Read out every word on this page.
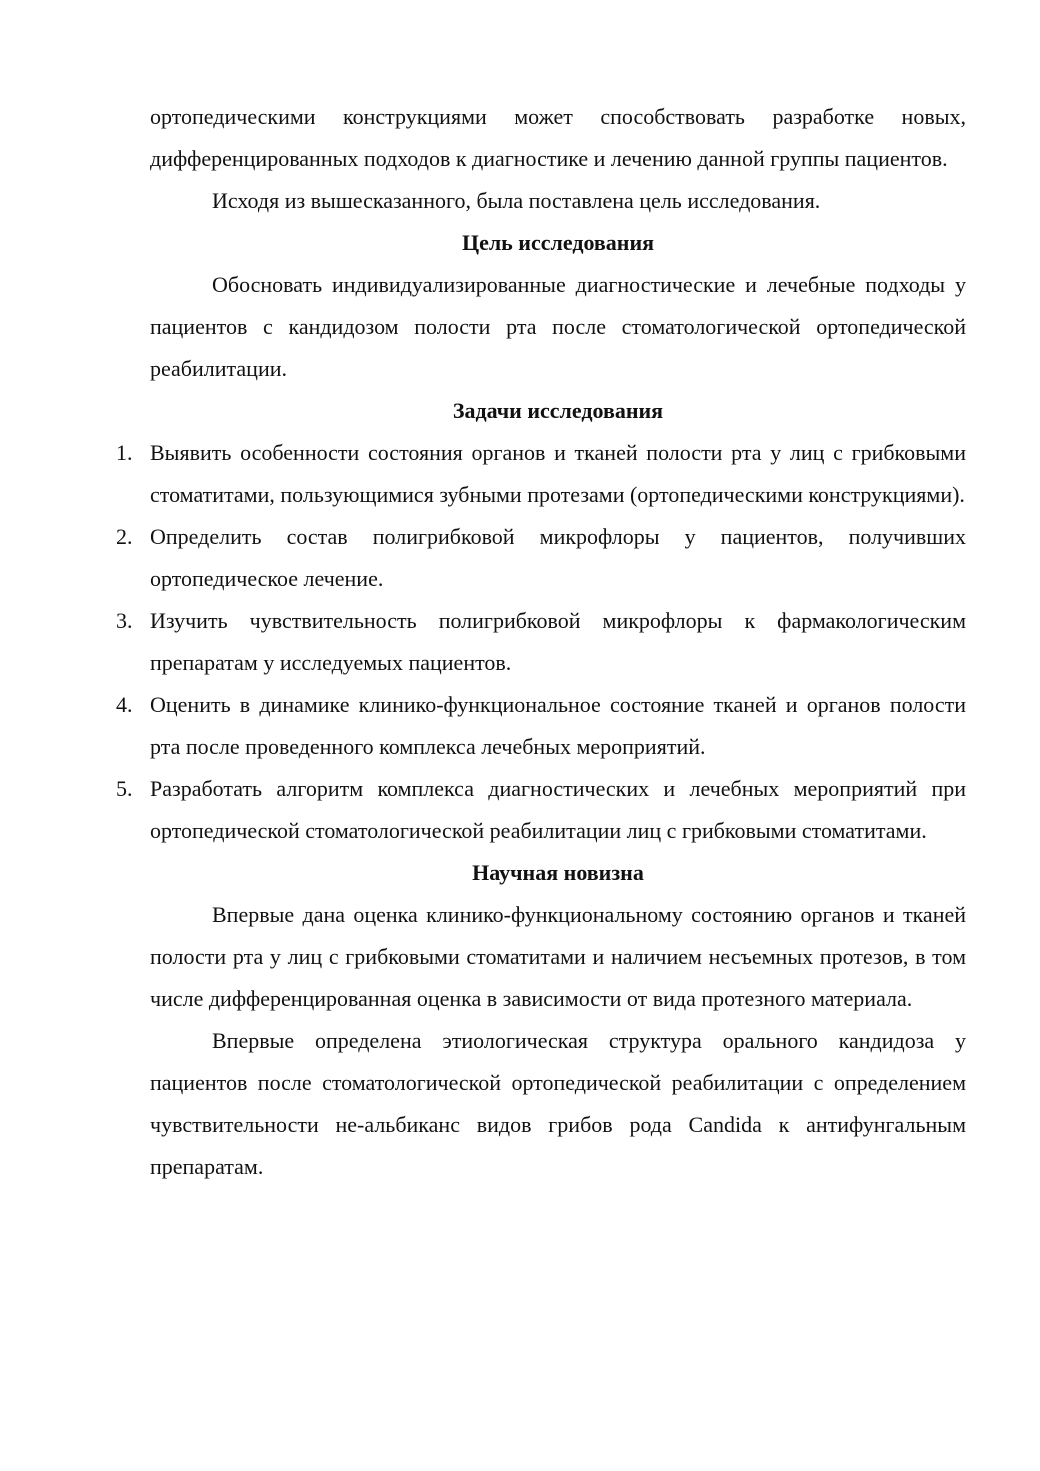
ортопедическими конструкциями может способствовать разработке новых, дифференцированных подходов к диагностике и лечению данной группы пациентов.

Исходя из вышесказанного, была поставлена цель исследования.

Цель исследования

Обосновать индивидуализированные диагностические и лечебные подходы у пациентов с кандидозом полости рта после стоматологической ортопедической реабилитации.

Задачи исследования

1. Выявить особенности состояния органов и тканей полости рта у лиц с грибковыми стоматитами, пользующимися зубными протезами (ортопедическими конструкциями).
2. Определить состав полигрибковой микрофлоры у пациентов, получивших ортопедическое лечение.
3. Изучить чувствительность полигрибковой микрофлоры к фармакологическим препаратам у исследуемых пациентов.
4. Оценить в динамике клинико-функциональное состояние тканей и органов полости рта после проведенного комплекса лечебных мероприятий.
5. Разработать алгоритм комплекса диагностических и лечебных мероприятий при ортопедической стоматологической реабилитации лиц с грибковыми стоматитами.

Научная новизна

Впервые дана оценка клинико-функциональному состоянию органов и тканей полости рта у лиц с грибковыми стоматитами и наличием несъемных протезов, в том числе дифференцированная оценка в зависимости от вида протезного материала.

Впервые определена этиологическая структура орального кандидоза у пациентов после стоматологической ортопедической реабилитации с определением чувствительности не-альбиканс видов грибов рода Candida к антифунгальным препаратам.
